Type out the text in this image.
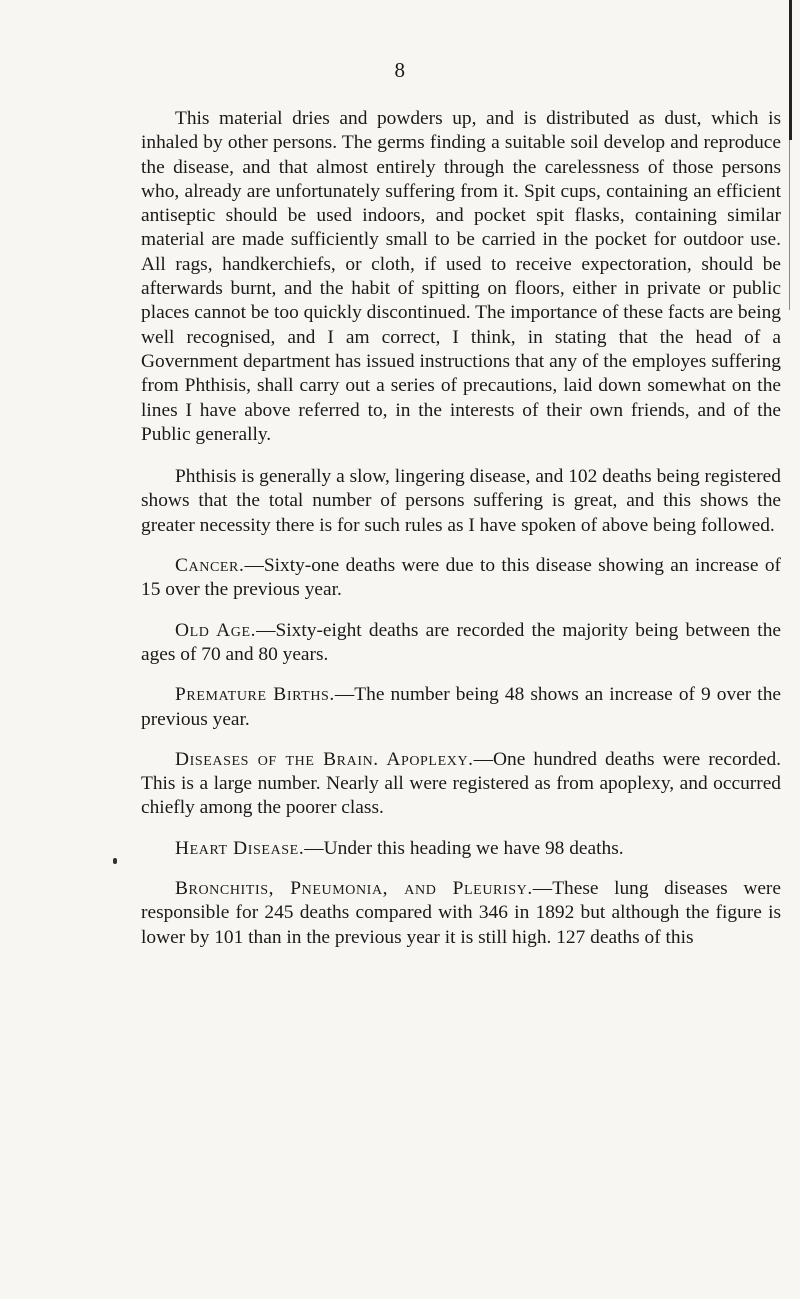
8

This material dries and powders up, and is distributed as dust, which is inhaled by other persons. The germs finding a suitable soil develop and reproduce the disease, and that almost entirely through the carelessness of those persons who, already are unfortunately suffering from it. Spit cups, containing an efficient antiseptic should be used indoors, and pocket spit flasks, containing similar material are made sufficiently small to be carried in the pocket for outdoor use. All rags, handkerchiefs, or cloth, if used to receive expectoration, should be afterwards burnt, and the habit of spitting on floors, either in private or public places cannot be too quickly discontinued. The importance of these facts are being well recognised, and I am correct, I think, in stating that the head of a Government department has issued instructions that any of the employes suffering from Phthisis, shall carry out a series of precautions, laid down somewhat on the lines I have above referred to, in the interests of their own friends, and of the Public generally.

Phthisis is generally a slow, lingering disease, and 102 deaths being registered shows that the total number of persons suffering is great, and this shows the greater necessity there is for such rules as I have spoken of above being followed.

Cancer.—Sixty-one deaths were due to this disease showing an increase of 15 over the previous year.

Old Age.—Sixty-eight deaths are recorded the majority being between the ages of 70 and 80 years.

Premature Births.—The number being 48 shows an increase of 9 over the previous year.

Diseases of the Brain. Apoplexy.—One hundred deaths were recorded. This is a large number. Nearly all were registered as from apoplexy, and occurred chiefly among the poorer class.

Heart Disease.—Under this heading we have 98 deaths.

Bronchitis, Pneumonia, and Pleurisy.—These lung diseases were responsible for 245 deaths compared with 346 in 1892 but although the figure is lower by 101 than in the previous year it is still high. 127 deaths of this
